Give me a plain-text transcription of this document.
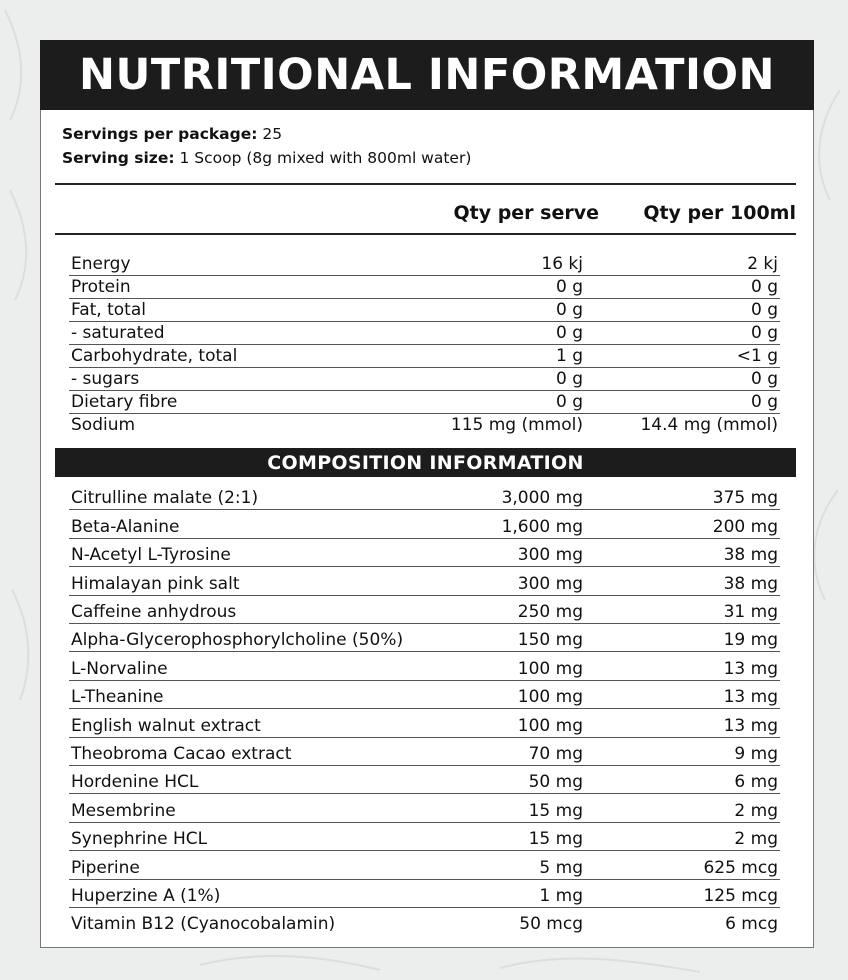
NUTRITIONAL INFORMATION
Servings per package: 25
Serving size: 1 Scoop (8g mixed with 800ml water)
Qty per serve Qty per 100ml
Energy	16 kj	2 kj
Protein	0 g	0 g
Fat, total	0 g	0 g
- saturated	0 g	0 g
Carbohydrate, total	1 g	<1 g
- sugars	0 g	0 g
Dietary fibre	0 g	0 g
Sodium	115 mg (mmol)	14.4 mg (mmol)
COMPOSITION INFORMATION
Citrulline malate (2:1)	3,000 mg	375 mg
Beta-Alanine	1,600 mg	200 mg
N-Acetyl L-Tyrosine	300 mg	38 mg
Himalayan pink salt	300 mg	38 mg
Caffeine anhydrous	250 mg	31 mg
Alpha-Glycerophosphorylcholine (50%)	150 mg	19 mg
L-Norvaline	100 mg	13 mg
L-Theanine	100 mg	13 mg
English walnut extract	100 mg	13 mg
Theobroma Cacao extract	70 mg	9 mg
Hordenine HCL	50 mg	6 mg
Mesembrine	15 mg	2 mg
Synephrine HCL	15 mg	2 mg
Piperine	5 mg	625 mcg
Huperzine A (1%)	1 mg	125 mcg
Vitamin B12 (Cyanocobalamin)	50 mcg	6 mcg
